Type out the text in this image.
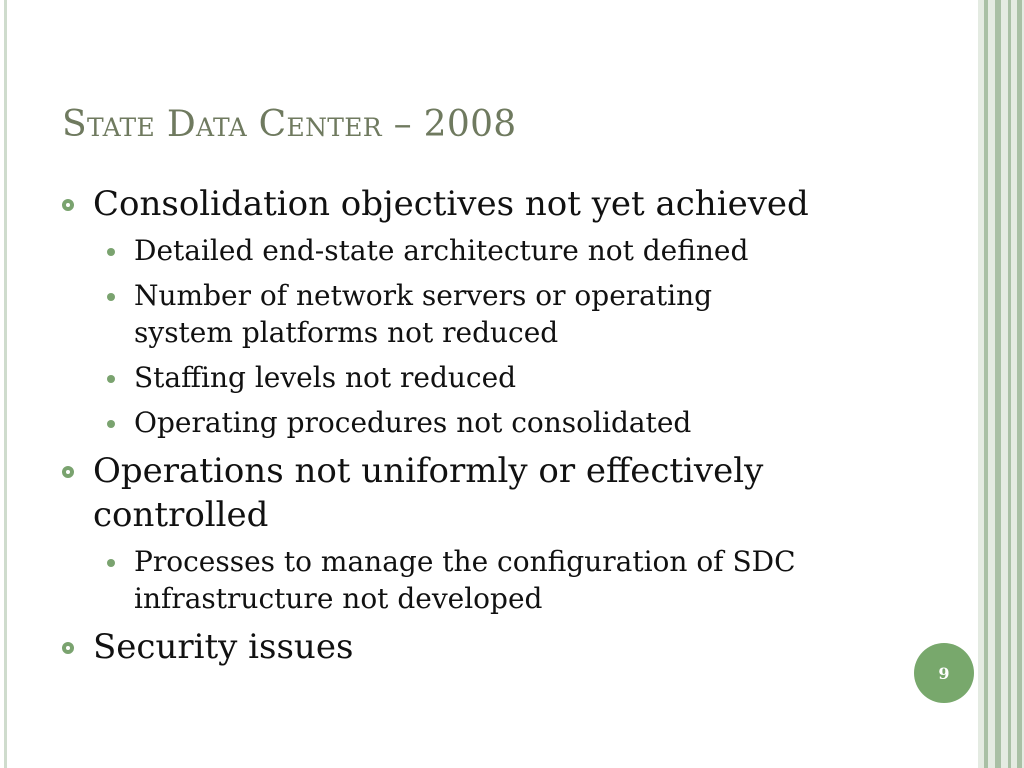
State Data Center – 2008
Consolidation objectives not yet achieved
Detailed end-state architecture not defined
Number of network servers or operating system platforms not reduced
Staffing levels not reduced
Operating procedures not consolidated
Operations not uniformly or effectively controlled
Processes to manage the configuration of SDC infrastructure not developed
Security issues
9
